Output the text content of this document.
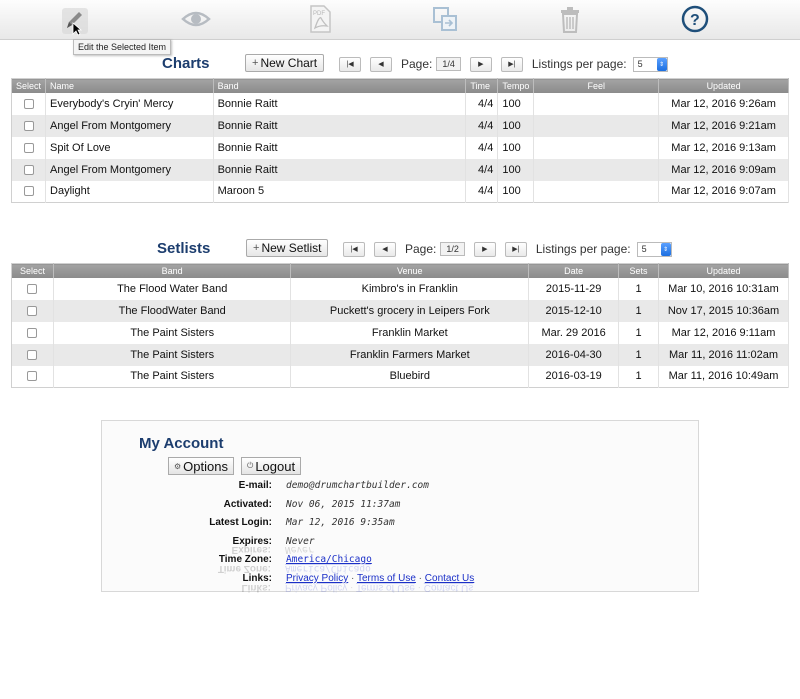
PDF	?
Edit the Selected Item
Charts	+ New Chart	|◀	◀	Page:	1/4	▶	▶|	Listings per page: 5	⇕
Select	Name	Band	Time	Tempo	Feel	Updated
	Everybody's Cryin' Mercy	Bonnie Raitt	4/4	100		Mar 12, 2016 9:26am
	Angel From Montgomery	Bonnie Raitt	4/4	100		Mar 12, 2016 9:21am
	Spit Of Love	Bonnie Raitt	4/4	100		Mar 12, 2016 9:13am
	Angel From Montgomery	Bonnie Raitt	4/4	100		Mar 12, 2016 9:09am
	Daylight	Maroon 5	4/4	100		Mar 12, 2016 9:07am
Setlists	+ New Setlist	|◀	◀	Page:	1/2	▶	▶|	Listings per page: 5	⇕
Select	Band	Venue	Date	Sets	Updated
	The Flood Water Band	Kimbro's in Franklin	2015-11-29	1	Mar 10, 2016 10:31am
	The FloodWater Band	Puckett's grocery in Leipers Fork	2015-12-10	1	Nov 17, 2015 10:36am
	The Paint Sisters	Franklin Market	Mar. 29 2016	1	Mar 12, 2016 9:11am
	The Paint Sisters	Franklin Farmers Market	2016-04-30	1	Mar 11, 2016 11:02am
	The Paint Sisters	Bluebird	2016-03-19	1	Mar 11, 2016 10:49am
My Account
⚙ Options ⏻ Logout
E-mail: demo@drumchartbuilder.com
Activated: Nov 06, 2015 11:37am
Latest Login: Mar 12, 2016 9:35am
Expires: Never
Time Zone: America/Chicago
Links: Privacy Policy · Terms of Use · Contact Us
Links: Privacy Policy · Terms of Use · Contact Us
Time Zone: America/Chicago
Expires: Never
